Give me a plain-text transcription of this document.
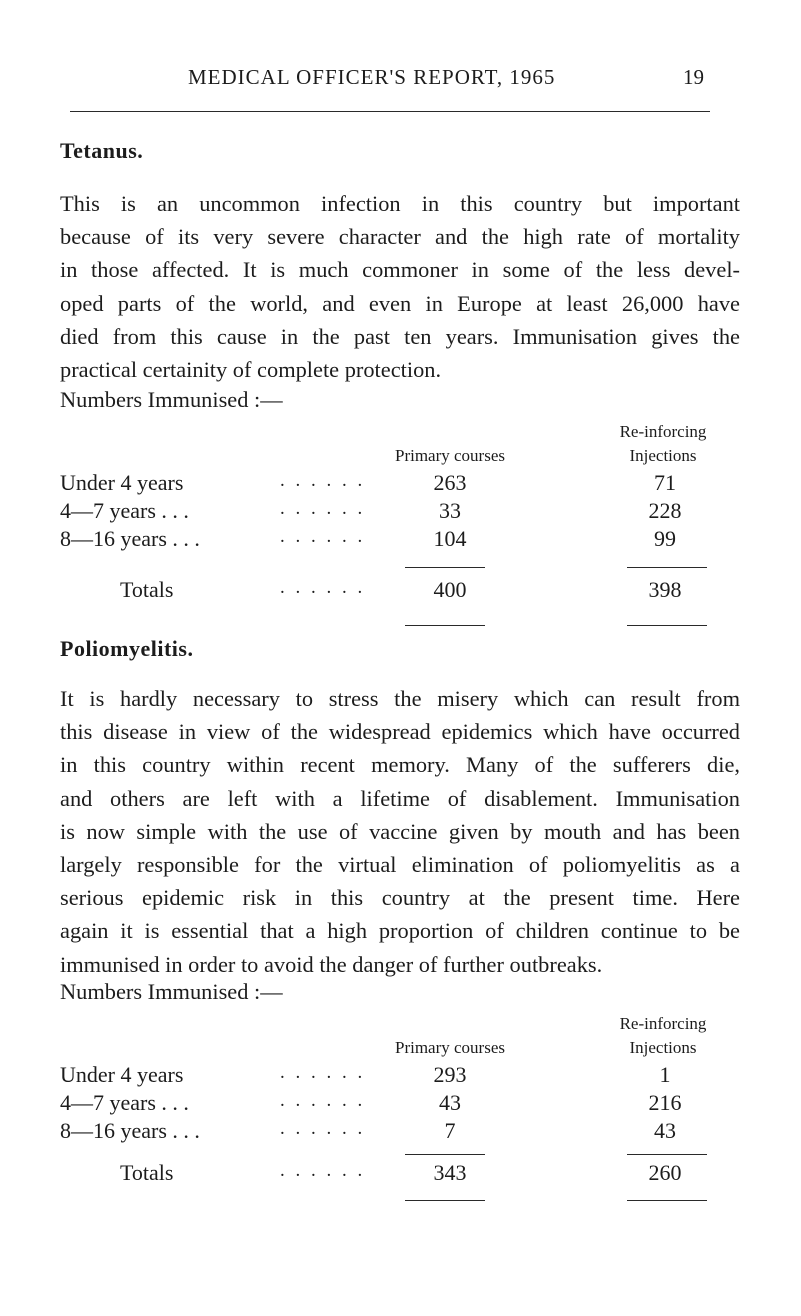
MEDICAL OFFICER'S REPORT, 1965	19
Tetanus.
This is an uncommon infection in this country but important
because of its very severe character and the high rate of mortality
in those affected. It is much commoner in some of the less devel-
oped parts of the world, and even in Europe at least 26,000 have
died from this cause in the past ten years. Immunisation gives the
practical certainity of complete protection.
Numbers Immunised :—
Re-inforcing
Primary courses	Injections
Under 4 years	. . . . . .	263	71
4—7 years . . .	. . . . . .	33	228
8—16 years . . .	. . . . . .	104	99
Totals	. . . . . .	400	398
Poliomyelitis.
It is hardly necessary to stress the misery which can result from
this disease in view of the widespread epidemics which have occurred
in this country within recent memory. Many of the sufferers die,
and others are left with a lifetime of disablement. Immunisation
is now simple with the use of vaccine given by mouth and has been
largely responsible for the virtual elimination of poliomyelitis as a
serious epidemic risk in this country at the present time. Here
again it is essential that a high proportion of children continue to be
immunised in order to avoid the danger of further outbreaks.
Numbers Immunised :—
Re-inforcing
Primary courses	Injections
Under 4 years	. . . . . .	293	1
4—7 years . . .	. . . . . .	43	216
8—16 years . . .	. . . . . .	7	43
Totals	. . . . . .	343	260
